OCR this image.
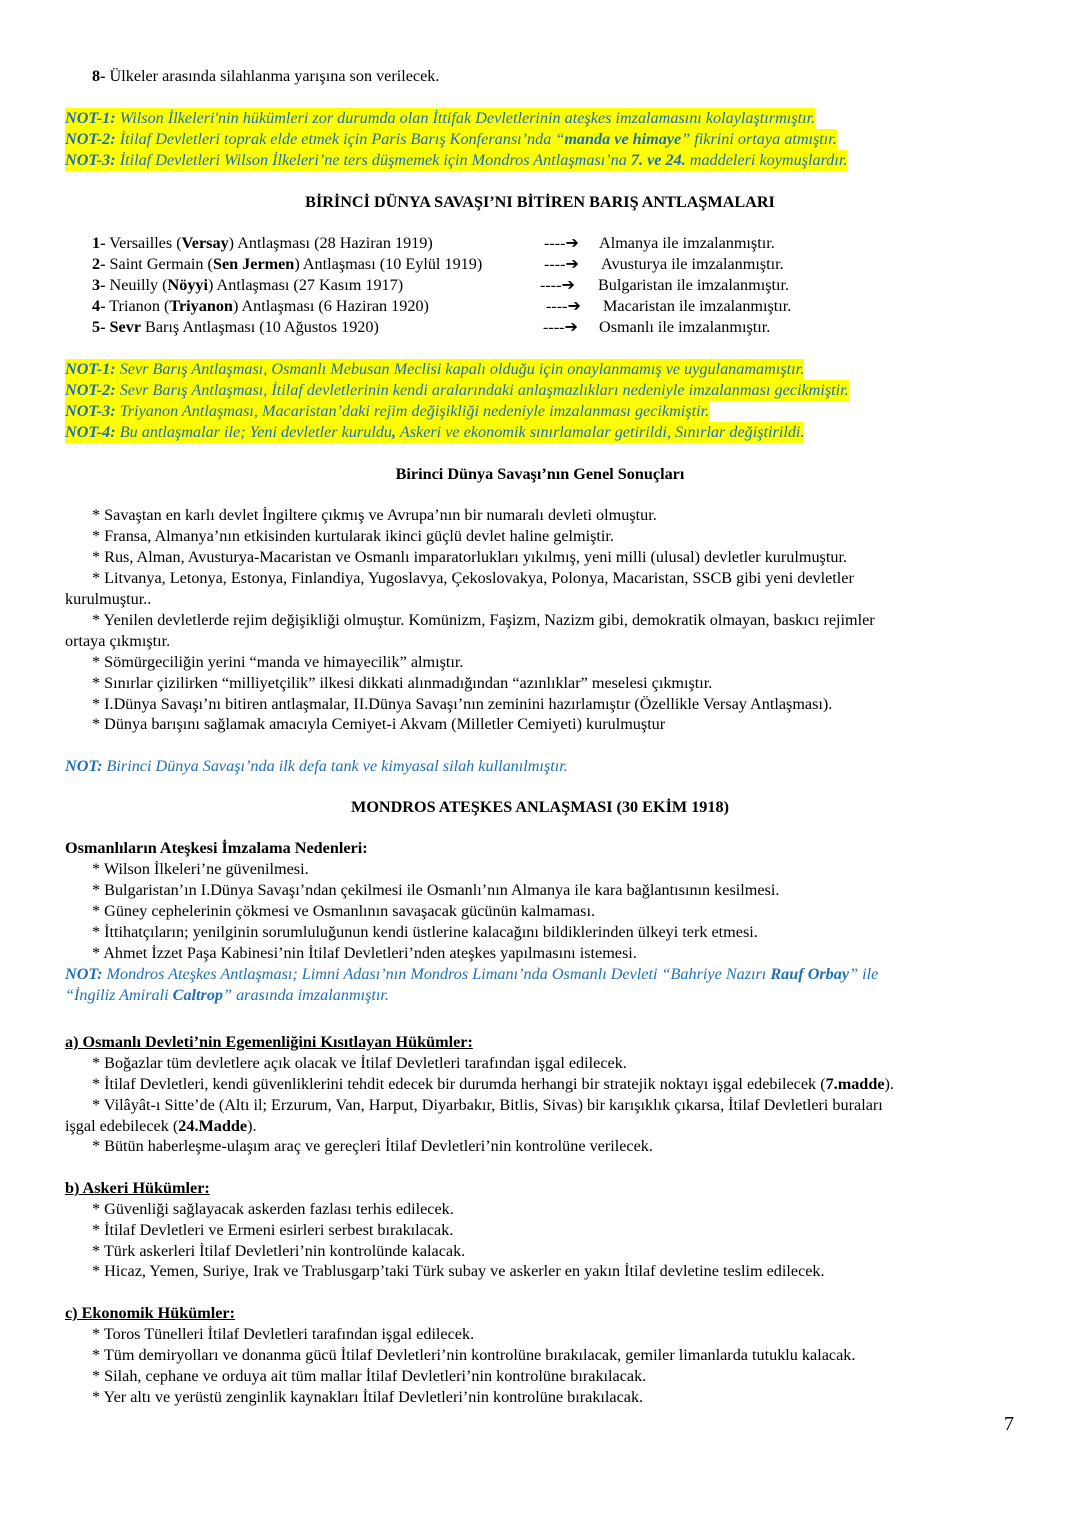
8- Ülkeler arasında silahlanma yarışına son verilecek.
NOT-1: Wilson İlkeleri'nin hükümleri zor durumda olan İttifak Devletlerinin ateşkes imzalamasını kolaylaştırmıştır.
NOT-2: İtilaf Devletleri toprak elde etmek için Paris Barış Konferansı’nda “manda ve himaye” fikrini ortaya atmıştır.
NOT-3: İtilaf Devletleri Wilson İlkeleri’ne ters düşmemek için Mondros Antlaşması’na 7. ve 24. maddeleri koymuşlardır.
BİRİNCİ DÜNYA SAVAŞI’NI BİTİREN BARIŞ ANTLAŞMALARI
1- Versailles (Versay) Antlaşması (28 Haziran 1919)	----➔ Almanya ile imzalanmıştır.
2- Saint Germain (Sen Jermen) Antlaşması (10 Eylül 1919)	----➔ Avusturya ile imzalanmıştır.
3- Neuilly (Nöyyi) Antlaşması (27 Kasım 1917)	----➔ Bulgaristan ile imzalanmıştır.
4- Trianon (Triyanon) Antlaşması (6 Haziran 1920)	----➔ Macaristan ile imzalanmıştır.
5- Sevr Barış Antlaşması (10 Ağustos 1920)	----➔ Osmanlı ile imzalanmıştır.
NOT-1: Sevr Barış Antlaşması, Osmanlı Mebusan Meclisi kapalı olduğu için onaylanmamış ve uygulanamamıştır.
NOT-2: Sevr Barış Antlaşması, İtilaf devletlerinin kendi aralarındaki anlaşmazlıkları nedeniyle imzalanması gecikmiştir.
NOT-3: Triyanon Antlaşması, Macaristan’daki rejim değişikliği nedeniyle imzalanması gecikmiştir.
NOT-4: Bu antlaşmalar ile; Yeni devletler kuruldu, Askeri ve ekonomik sınırlamalar getirildi, Sınırlar değiştirildi.
Birinci Dünya Savaşı’nın Genel Sonuçları
* Savaştan en karlı devlet İngiltere çıkmış ve Avrupa’nın bir numaralı devleti olmuştur.
* Fransa, Almanya’nın etkisinden kurtularak ikinci güçlü devlet haline gelmiştir.
* Rus, Alman, Avusturya-Macaristan ve Osmanlı imparatorlukları yıkılmış, yeni milli (ulusal) devletler kurulmuştur.
* Litvanya, Letonya, Estonya, Finlandiya, Yugoslavya, Çekoslovakya, Polonya, Macaristan, SSCB gibi yeni devletler
kurulmuştur..
* Yenilen devletlerde rejim değişikliği olmuştur. Komünizm, Faşizm, Nazizm gibi, demokratik olmayan, baskıcı rejimler
ortaya çıkmıştır.
* Sömürgeciliğin yerini “manda ve himayecilik” almıştır.
* Sınırlar çizilirken “milliyetçilik” ilkesi dikkati alınmadığından “azınlıklar” meselesi çıkmıştır.
* I.Dünya Savaşı’nı bitiren antlaşmalar, II.Dünya Savaşı’nın zeminini hazırlamıştır (Özellikle Versay Antlaşması).
* Dünya barışını sağlamak amacıyla Cemiyet-i Akvam (Milletler Cemiyeti) kurulmuştur
NOT: Birinci Dünya Savaşı’nda ilk defa tank ve kimyasal silah kullanılmıştır.
MONDROS ATEŞKES ANLAŞMASI (30 EKİM 1918)
Osmanlıların Ateşkesi İmzalama Nedenleri:
* Wilson İlkeleri’ne güvenilmesi.
* Bulgaristan’ın I.Dünya Savaşı’ndan çekilmesi ile Osmanlı’nın Almanya ile kara bağlantısının kesilmesi.
* Güney cephelerinin çökmesi ve Osmanlının savaşacak gücünün kalmaması.
* İttihatçıların; yenilginin sorumluluğunun kendi üstlerine kalacağını bildiklerinden ülkeyi terk etmesi.
* Ahmet İzzet Paşa Kabinesi’nin İtilaf Devletleri’nden ateşkes yapılmasını istemesi.
NOT: Mondros Ateşkes Antlaşması; Limni Adası’nın Mondros Limanı’nda Osmanlı Devleti “Bahriye Nazırı Rauf Orbay” ile
“İngiliz Amirali Caltrop” arasında imzalanmıştır.
a) Osmanlı Devleti’nin Egemenliğini Kısıtlayan Hükümler:
* Boğazlar tüm devletlere açık olacak ve İtilaf Devletleri tarafından işgal edilecek.
* İtilaf Devletleri, kendi güvenliklerini tehdit edecek bir durumda herhangi bir stratejik noktayı işgal edebilecek (7.madde).
* Vilâyât-ı Sitte’de (Altı il; Erzurum, Van, Harput, Diyarbakır, Bitlis, Sivas) bir karışıklık çıkarsa, İtilaf Devletleri buraları
işgal edebilecek (24.Madde).
* Bütün haberleşme-ulaşım araç ve gereçleri İtilaf Devletleri’nin kontrolüne verilecek.
b) Askeri Hükümler:
* Güvenliği sağlayacak askerden fazlası terhis edilecek.
* İtilaf Devletleri ve Ermeni esirleri serbest bırakılacak.
* Türk askerleri İtilaf Devletleri’nin kontrolünde kalacak.
* Hicaz, Yemen, Suriye, Irak ve Trablusgarp’taki Türk subay ve askerler en yakın İtilaf devletine teslim edilecek.
c) Ekonomik Hükümler:
* Toros Tünelleri İtilaf Devletleri tarafından işgal edilecek.
* Tüm demiryolları ve donanma gücü İtilaf Devletleri’nin kontrolüne bırakılacak, gemiler limanlarda tutuklu kalacak.
* Silah, cephane ve orduya ait tüm mallar İtilaf Devletleri’nin kontrolüne bırakılacak.
* Yer altı ve yerüstü zenginlik kaynakları İtilaf Devletleri’nin kontrolüne bırakılacak.
7
